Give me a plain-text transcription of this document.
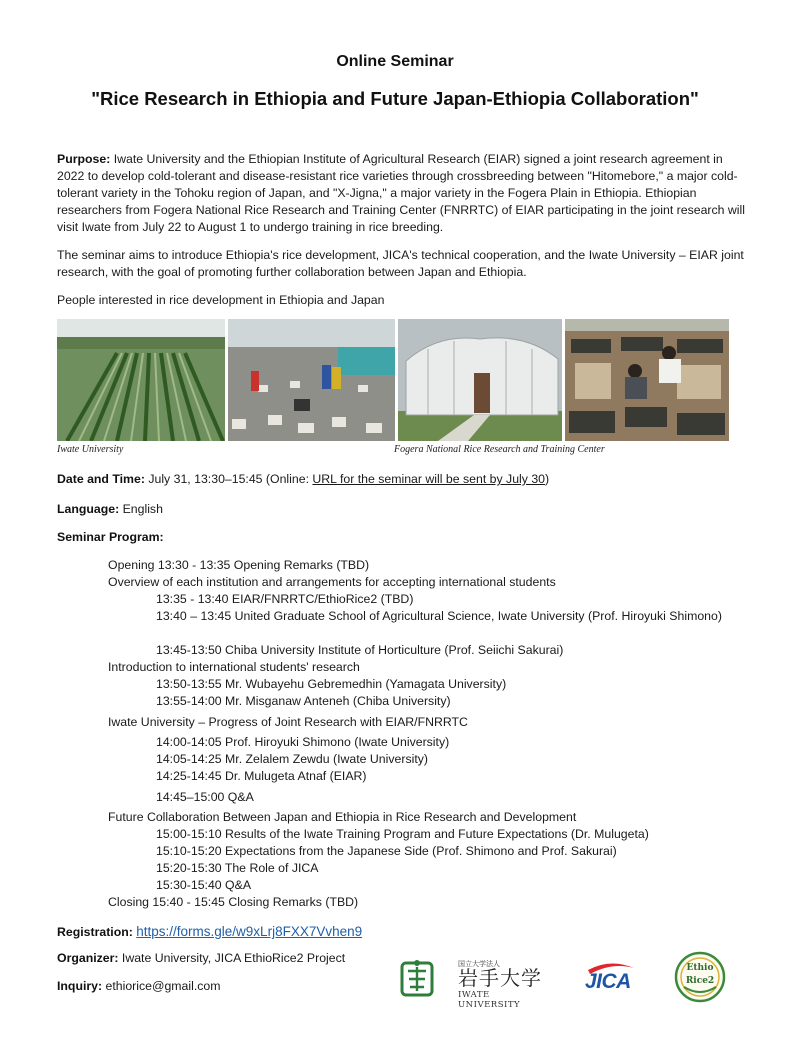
Online Seminar
"Rice Research in Ethiopia and Future Japan-Ethiopia Collaboration"
Purpose: Iwate University and the Ethiopian Institute of Agricultural Research (EIAR) signed a joint research agreement in 2022 to develop cold-tolerant and disease-resistant rice varieties through crossbreeding between "Hitomebore," a major cold-tolerant variety in the Tohoku region of Japan, and "X-Jigna," a major variety in the Fogera Plain in Ethiopia. Ethiopian researchers from Fogera National Rice Research and Training Center (FNRRTC) of EIAR participating in the joint research will visit Iwate from July 22 to August 1 to undergo training in rice breeding.
The seminar aims to introduce Ethiopia's rice development, JICA's technical cooperation, and the Iwate University – EIAR joint research, with the goal of promoting further collaboration between Japan and Ethiopia.
People interested in rice development in Ethiopia and Japan
Iwate University	Fogera National Rice Research and Training Center
Date and Time: July 31, 13:30–15:45 (Online: URL for the seminar will be sent by July 30)
Language: English
Seminar Program:
Opening 13:30 - 13:35 Opening Remarks (TBD)
Overview of each institution and arrangements for accepting international students
13:35 - 13:40 EIAR/FNRRTC/EthioRice2 (TBD)
13:40 – 13:45 United Graduate School of Agricultural Science, Iwate University (Prof. Hiroyuki Shimono)
13:45-13:50 Chiba University Institute of Horticulture (Prof. Seiichi Sakurai)
Introduction to international students' research
13:50-13:55 Mr. Wubayehu Gebremedhin (Yamagata University)
13:55-14:00 Mr. Misganaw Anteneh (Chiba University)
Iwate University – Progress of Joint Research with EIAR/FNRRTC
14:00-14:05 Prof. Hiroyuki Shimono (Iwate University)
14:05-14:25 Mr. Zelalem Zewdu (Iwate University)
14:25-14:45 Dr. Mulugeta Atnaf (EIAR)
14:45–15:00 Q&A
Future Collaboration Between Japan and Ethiopia in Rice Research and Development
15:00-15:10 Results of the Iwate Training Program and Future Expectations (Dr. Mulugeta)
15:10-15:20 Expectations from the Japanese Side (Prof. Shimono and Prof. Sakurai)
15:20-15:30 The Role of JICA
15:30-15:40 Q&A
Closing 15:40 - 15:45 Closing Remarks (TBD)
Registration: https://forms.gle/w9xLrj8FXX7Vvhen9
Organizer: Iwate University, JICA EthioRice2 Project
Inquiry: ethiorice@gmail.com
国立大学法人
岩手大学
IWATE UNIVERSITY
JICA
Ethio
Rice2
